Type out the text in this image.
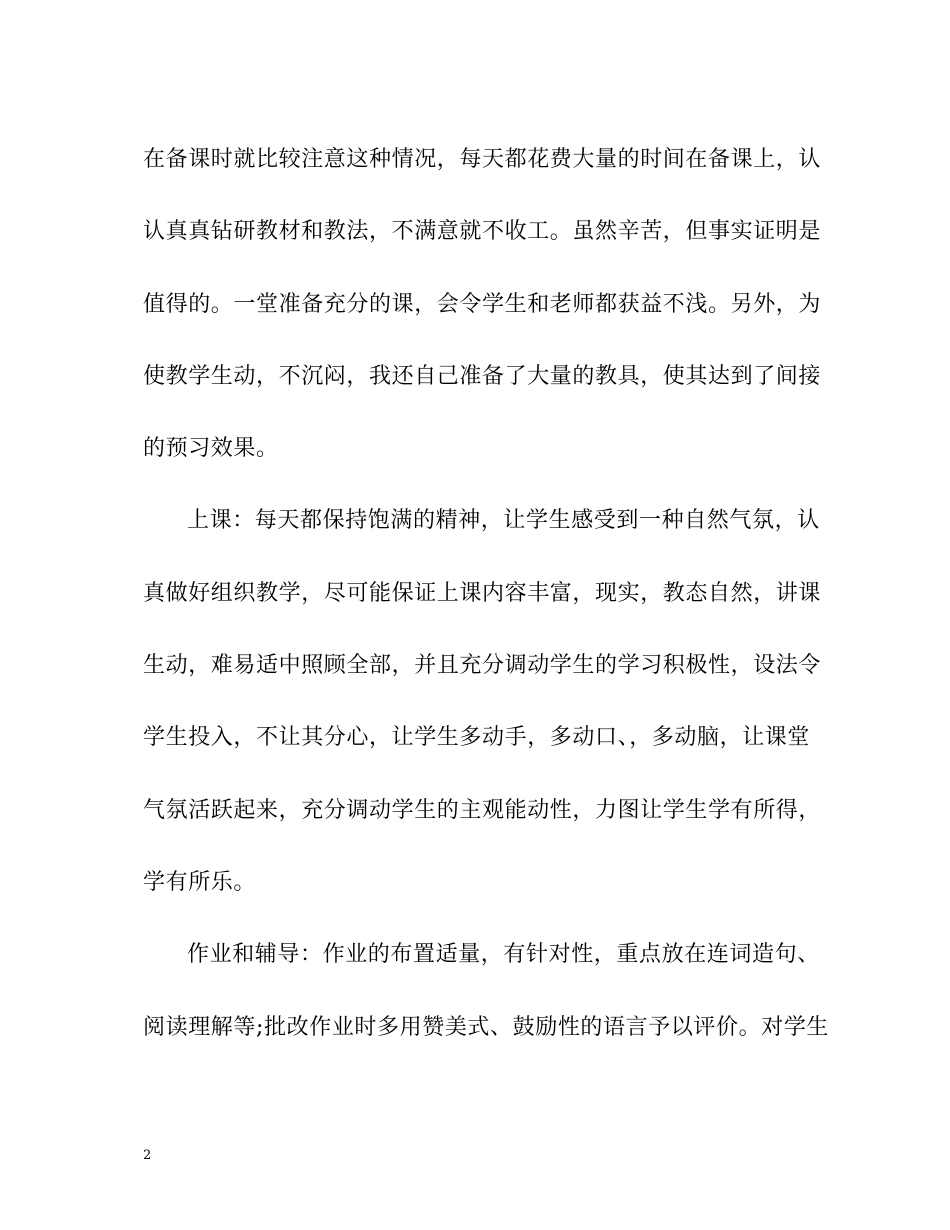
在备课时就比较注意这种情况，每天都花费大量的时间在备课上，认
认真真钻研教材和教法，不满意就不收工。虽然辛苦，但事实证明是
值得的。一堂准备充分的课，会令学生和老师都获益不浅。另外，为
使教学生动，不沉闷，我还自己准备了大量的教具，使其达到了间接
的预习效果。
上课：每天都保持饱满的精神，让学生感受到一种自然气氛，认
真做好组织教学，尽可能保证上课内容丰富，现实，教态自然，讲课
生动，难易适中照顾全部，并且充分调动学生的学习积极性，设法令
学生投入，不让其分心，让学生多动手，多动口、，多动脑，让课堂
气氛活跃起来，充分调动学生的主观能动性，力图让学生学有所得，
学有所乐。
作业和辅导：作业的布置适量，有针对性，重点放在连词造句、
阅读理解等;批改作业时多用赞美式、鼓励性的语言予以评价。对学生
2
